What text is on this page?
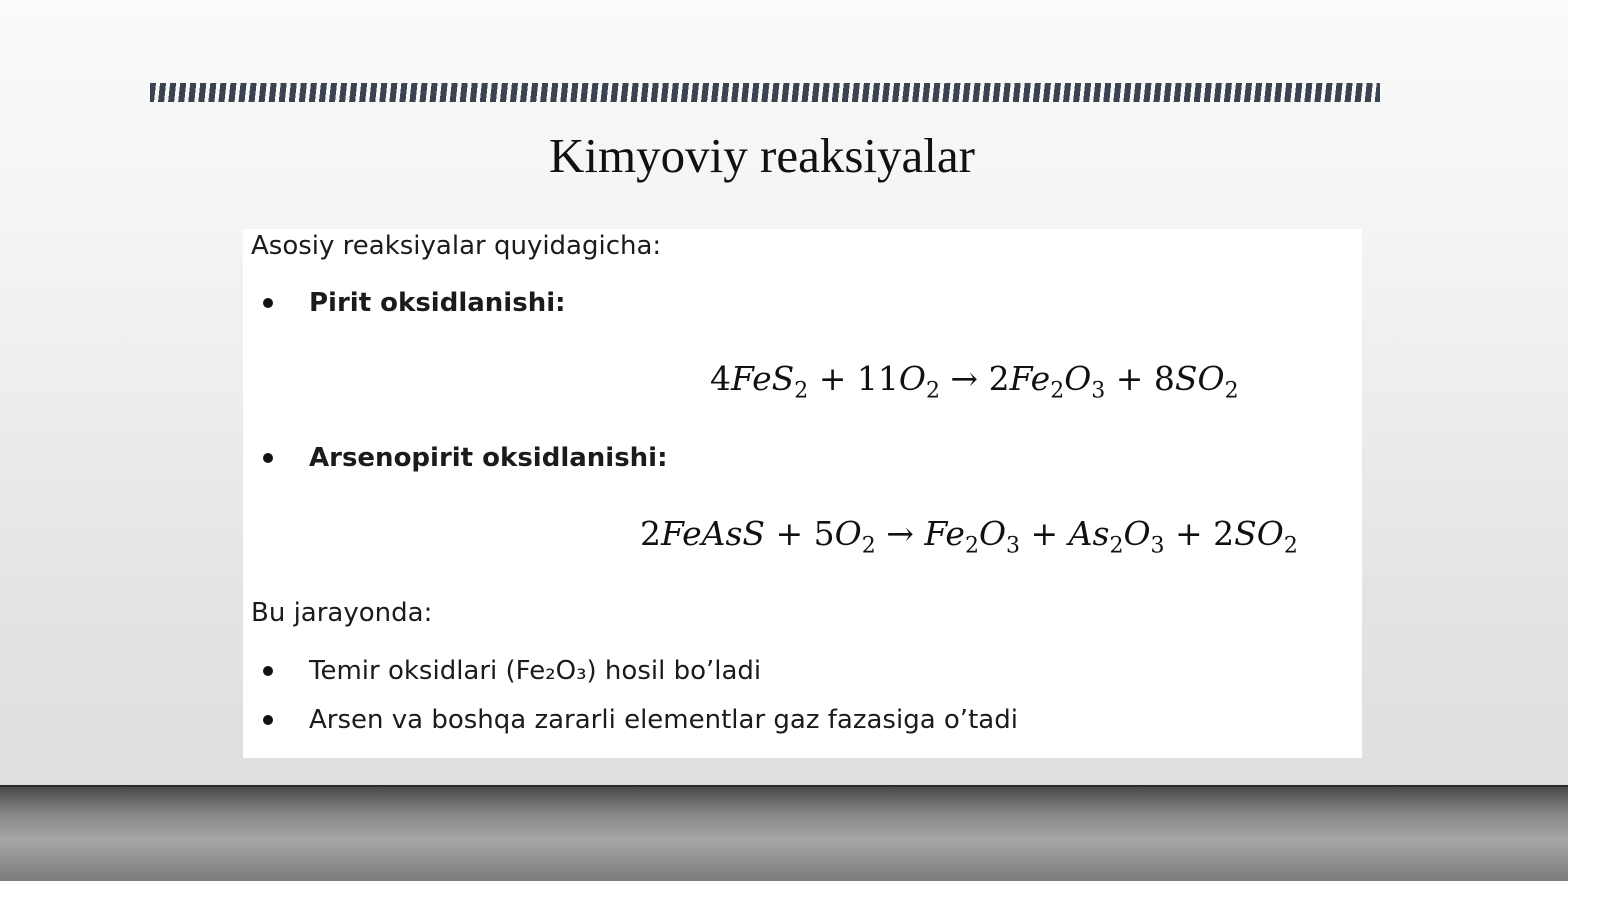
Kimyoviy reaksiyalar
Asosiy reaksiyalar quyidagicha:
Pirit oksidlanishi:
$4FeS_2 + 11O_2 \to 2Fe_2O_3 + 8SO_2$
Arsenopirit oksidlanishi:
2FeAsS + $5O_2 \to Fe_2O_3 + As_2O_3 + 2SO_2$
Bu jarayonda:
Temir oksidlari (Fe₂O₃) hosil bo’ladi
Arsen va boshqa zararli elementlar gaz fazasiga o’tadi
